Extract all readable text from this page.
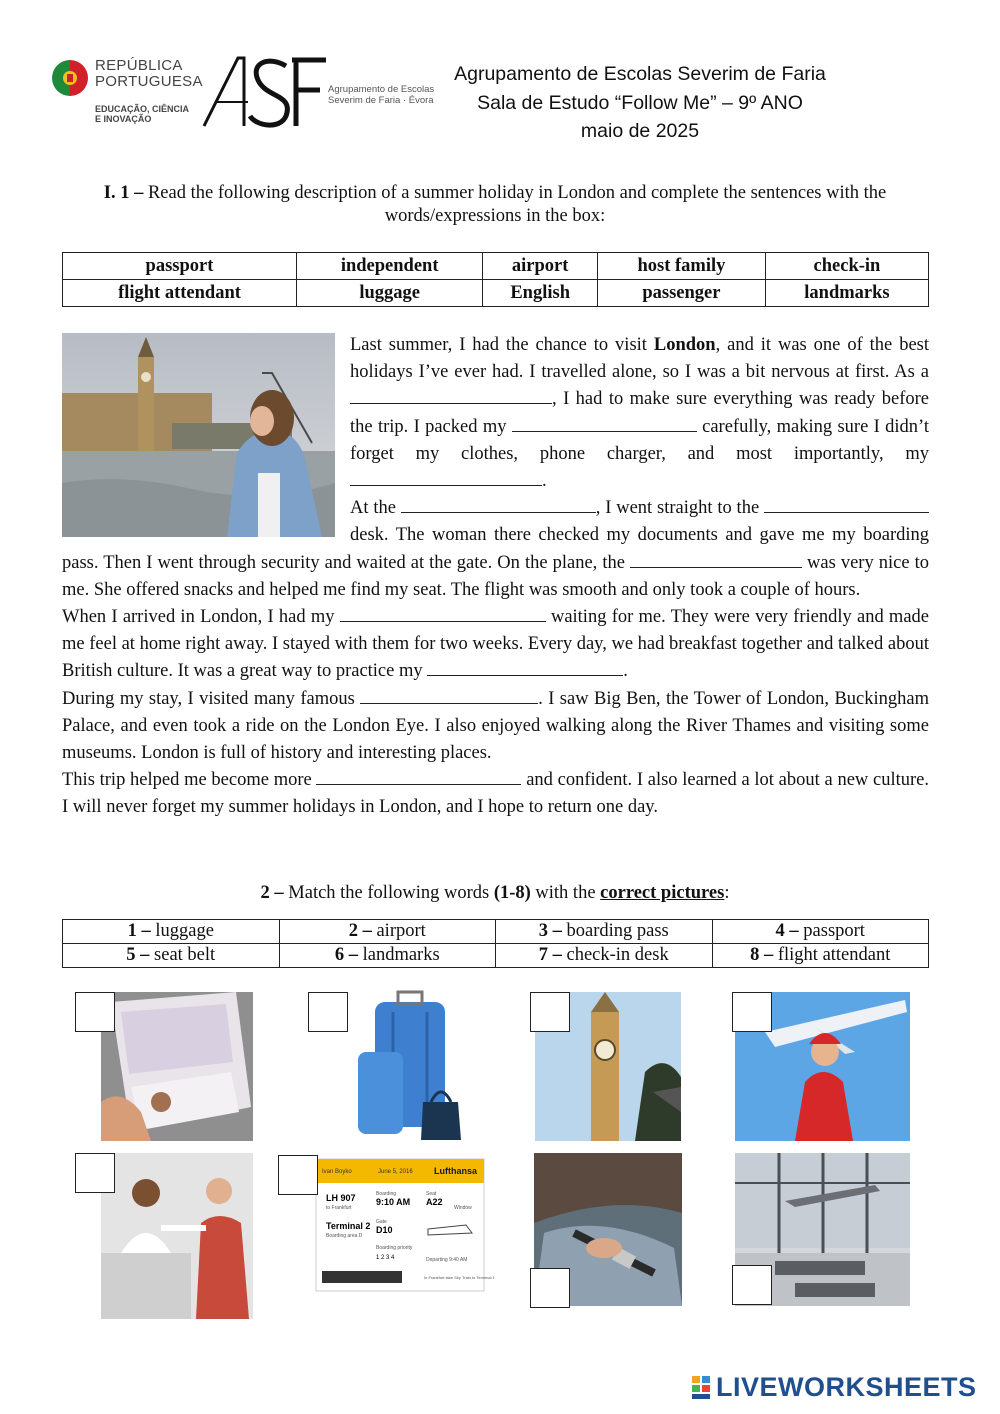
REPÚBLICA
PORTUGUESA
EDUCAÇÃO, CIÊNCIA
E INOVAÇÃO
Agrupamento de Escolas
Severim de Faria · Évora
Agrupamento de Escolas Severim de Faria
Sala de Estudo “Follow Me” – 9º ANO
maio de 2025
I. 1 – Read the following description of a summer holiday in London and complete the sentences with the words/expressions in the box:
passport	independent	airport	host family	check-in
flight attendant	luggage	English	passenger	landmarks

Last summer, I had the chance to visit London, and it was one of the best holidays I’ve ever had. I travelled alone, so I was a bit nervous at first. As a , I had to make sure everything was ready before the trip. I packed my	carefully, making sure I didn’t forget my clothes, phone charger, and most importantly, my .

At the	, I went straight to the  desk. The woman there checked my documents and gave me my boarding pass. Then I went through security and waited at the gate. On the plane, the	was very nice to me. She offered snacks and helped me find my seat. The flight was smooth and only took a couple of hours.

When I arrived in London, I had my	waiting for me. They were very friendly and made me feel at home right away. I stayed with them for two weeks. Every day, we had breakfast together and talked about British culture. It was a great way to practice my	.

During my stay, I visited many famous	. I saw Big Ben, the Tower of London, Buckingham Palace, and even took a ride on the London Eye. I also enjoyed walking along the River Thames and visiting some museums. London is full of history and interesting places.

This trip helped me become more	and confident. I also learned a lot about a new culture. I will never forget my summer holidays in London, and I hope to return one day.

2 – Match the following words (1-8) with the correct pictures:
1 – luggage	2 – airport	3 – boarding pass	4 – passport
5 – seat belt	6 – landmarks	7 – check-in desk	8 – flight attendant
Ivan Boyko	June 5, 2016 Lufthansa
LH 907
to Frankfurt
Boarding
9:10 AM
Seat
A22
Window
Terminal 2
Boarding area D
Gate
D10
Boarding priority
1 2 3 4	Departing 9:40 AM
In Frankfurt take Sky Train to Terminal 1
LIVEWORKSHEETS
